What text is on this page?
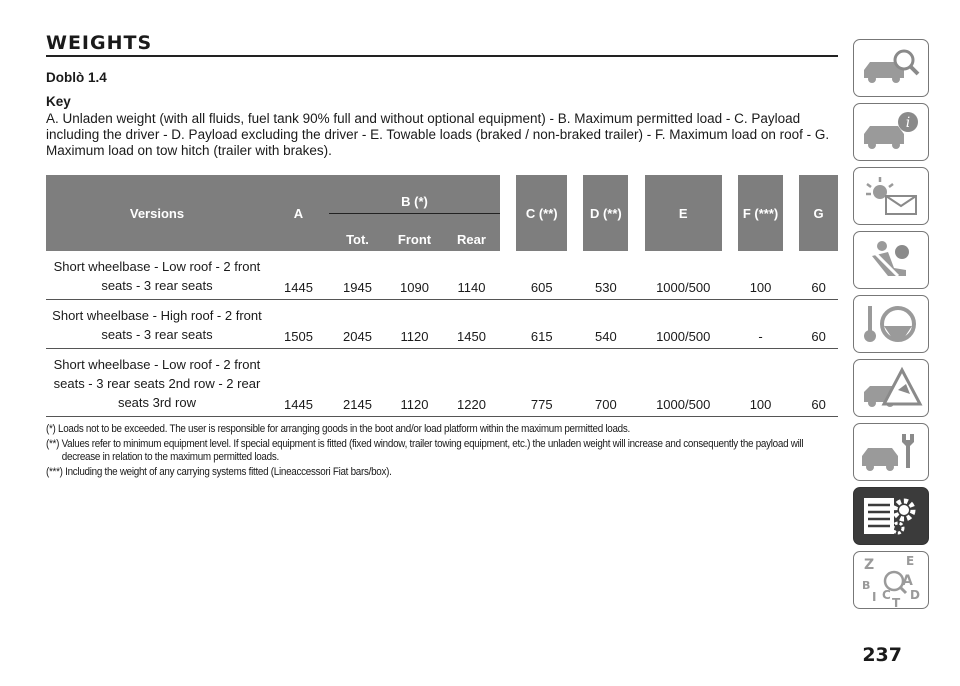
WEIGHTS
Doblò 1.4
Key
A. Unladen weight (with all fluids, fuel tank 90% full and without optional equipment) - B. Maximum permitted load - C. Payload including the driver - D. Payload excluding the driver - E. Towable loads (braked / non-braked trailer) - F. Maximum load on roof - G. Maximum load on tow hitch (trailer with brakes).
Versions	A	B (*)				C (**)		D (**)		E		F (***)		G
		Tot.	Front	Rear										
Short wheelbase - Low roof - 2 front seats - 3 rear seats	1445	1945	1090	1140		605		530		1000/500		100		60
Short wheelbase - High roof - 2 front seats - 3 rear seats	1505	2045	1120	1450		615		540		1000/500		-		60
Short wheelbase - Low roof - 2 front seats - 3 rear seats 2nd row - 2 rear seats 3rd row	1445	2145	1120	1220		775		700		1000/500		100		60
(*) Loads not to be exceeded. The user is responsible for arranging goods in the boot and/or load platform within the maximum permitted loads.
(**) Values refer to minimum equipment level. If special equipment is fitted (fixed window, trailer towing equipment, etc.) the unladen weight will increase and consequently the payload will decrease in relation to the maximum permitted loads.
(***) Including the weight of any carrying systems fitted (Lineaccessori Fiat bars/box).
i
Z	E
B A
I C D
T
237
